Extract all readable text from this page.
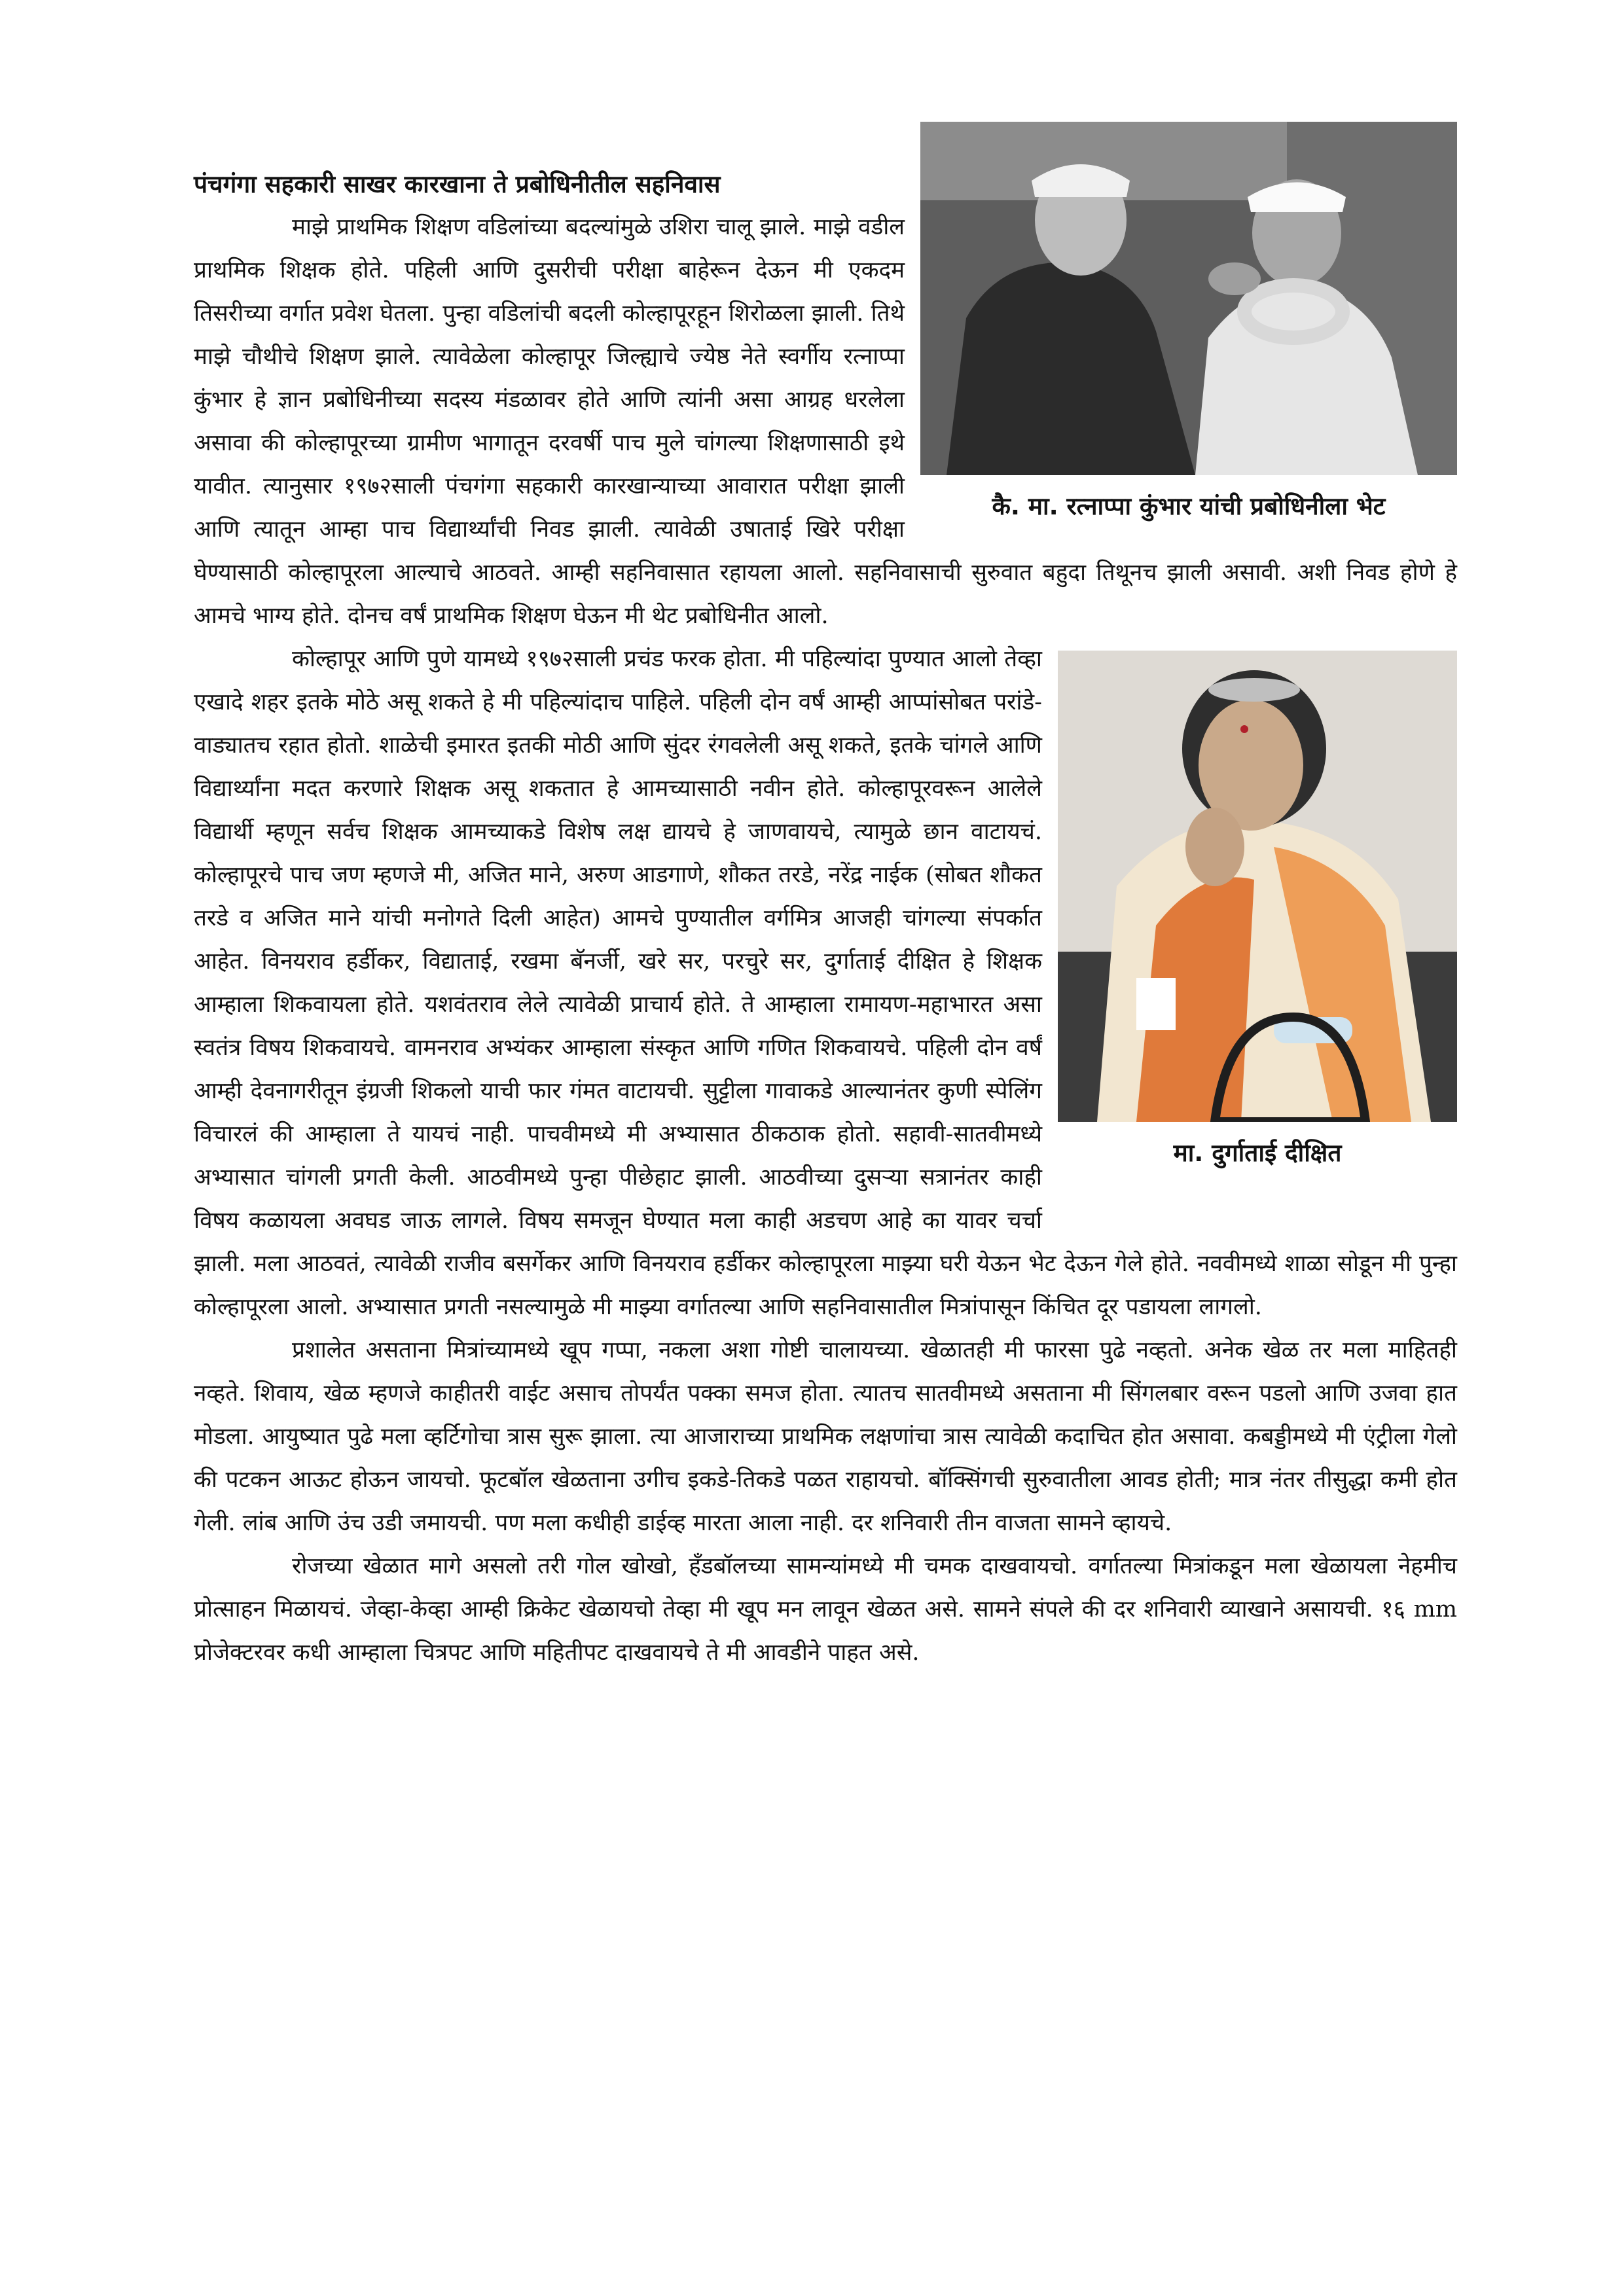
कै. मा. रत्नाप्पा कुंभार यांची प्रबोधिनीला भेट
पंचगंगा सहकारी साखर कारखाना ते प्रबोधिनीतील सहनिवास

माझे प्राथमिक शिक्षण वडिलांच्या बदल्यांमुळे उशिरा चालू झाले. माझे वडील प्राथमिक शिक्षक होते. पहिली आणि दुसरीची परीक्षा बाहेरून देऊन मी एकदम तिसरीच्या वर्गात प्रवेश घेतला. पुन्हा वडिलांची बदली कोल्हापूरहून शिरोळला झाली. तिथे माझे चौथीचे शिक्षण झाले. त्यावेळेला कोल्हापूर जिल्ह्याचे ज्येष्ठ नेते स्वर्गीय रत्नाप्पा कुंभार हे ज्ञान प्रबोधिनीच्या सदस्य मंडळावर होते आणि त्यांनी असा आग्रह धरलेला असावा की कोल्हापूरच्या ग्रामीण भागातून दरवर्षी पाच मुले चांगल्या शिक्षणासाठी इथे यावीत. त्यानुसार १९७२साली पंचगंगा सहकारी कारखान्याच्या आवारात परीक्षा झाली आणि त्यातून आम्हा पाच विद्यार्थ्यांची निवड झाली. त्यावेळी उषाताई खिरे परीक्षा घेण्यासाठी कोल्हापूरला आल्याचे आठवते. आम्ही सहनिवासात रहायला आलो. सहनिवासाची सुरुवात बहुदा तिथूनच झाली असावी. अशी निवड होणे हे आमचे भाग्य होते. दोनच वर्षं प्राथमिक शिक्षण घेऊन मी थेट प्रबोधिनीत आलो.

मा. दुर्गाताई दीक्षित

कोल्हापूर आणि पुणे यामध्ये १९७२साली प्रचंड फरक होता. मी पहिल्यांदा पुण्यात आलो तेव्हा एखादे शहर इतके मोठे असू शकते हे मी पहिल्यांदाच पाहिले. पहिली दोन वर्षं आम्ही आप्पांसोबत परांडे-वाड्यातच रहात होतो. शाळेची इमारत इतकी मोठी आणि सुंदर रंगवलेली असू शकते, इतके चांगले आणि विद्यार्थ्यांना मदत करणारे शिक्षक असू शकतात हे आमच्यासाठी नवीन होते. कोल्हापूरवरून आलेले विद्यार्थी म्हणून सर्वच शिक्षक आमच्याकडे विशेष लक्ष द्यायचे हे जाणवायचे, त्यामुळे छान वाटायचं. कोल्हापूरचे पाच जण म्हणजे मी, अजित माने, अरुण आडगाणे, शौकत तरडे, नरेंद्र नाईक (सोबत शौकत तरडे व अजित माने यांची मनोगते दिली आहेत) आमचे पुण्यातील वर्गमित्र आजही चांगल्या संपर्कात आहेत. विनयराव हर्डीकर, विद्याताई, रखमा बॅनर्जी, खरे सर, परचुरे सर, दुर्गाताई दीक्षित हे शिक्षक आम्हाला शिकवायला होते. यशवंतराव लेले त्यावेळी प्राचार्य होते. ते आम्हाला रामायण-महाभारत असा स्वतंत्र विषय शिकवायचे. वामनराव अभ्यंकर आम्हाला संस्कृत आणि गणित शिकवायचे. पहिली दोन वर्षं आम्ही देवनागरीतून इंग्रजी शिकलो याची फार गंमत वाटायची. सुट्टीला गावाकडे आल्यानंतर कुणी स्पेलिंग विचारलं की आम्हाला ते यायचं नाही. पाचवीमध्ये मी अभ्यासात ठीकठाक होतो. सहावी-सातवीमध्ये अभ्यासात चांगली प्रगती केली. आठवीमध्ये पुन्हा पीछेहाट झाली. आठवीच्या दुसऱ्या सत्रानंतर काही विषय कळायला अवघड जाऊ लागले. विषय समजून घेण्यात मला काही अडचण आहे का यावर चर्चा झाली. मला आठवतं, त्यावेळी राजीव बसर्गेकर आणि विनयराव हर्डीकर कोल्हापूरला माझ्या घरी येऊन भेट देऊन गेले होते. नववीमध्ये शाळा सोडून मी पुन्हा कोल्हापूरला आलो. अभ्यासात प्रगती नसल्यामुळे मी माझ्या वर्गातल्या आणि सहनिवासातील मित्रांपासून किंचित दूर पडायला लागलो.

प्रशालेत असताना मित्रांच्यामध्ये खूप गप्पा, नकला अशा गोष्टी चालायच्या. खेळातही मी फारसा पुढे नव्हतो. अनेक खेळ तर मला माहितही नव्हते. शिवाय, खेळ म्हणजे काहीतरी वाईट असाच तोपर्यंत पक्का समज होता. त्यातच सातवीमध्ये असताना मी सिंगलबार वरून पडलो आणि उजवा हात मोडला. आयुष्यात पुढे मला व्हर्टिगोचा त्रास सुरू झाला. त्या आजाराच्या प्राथमिक लक्षणांचा त्रास त्यावेळी कदाचित होत असावा. कबड्डीमध्ये मी एंट्रीला गेलो की पटकन आऊट होऊन जायचो. फूटबॉल खेळताना उगीच इकडे-तिकडे पळत राहायचो. बॉक्सिंगची सुरुवातीला आवड होती; मात्र नंतर तीसुद्धा कमी होत गेली. लांब आणि उंच उडी जमायची. पण मला कधीही डाईव्ह मारता आला नाही. दर शनिवारी तीन वाजता सामने व्हायचे.

रोजच्या खेळात मागे असलो तरी गोल खोखो, हँडबॉलच्या सामन्यांमध्ये मी चमक दाखवायचो. वर्गातल्या मित्रांकडून मला खेळायला नेहमीच प्रोत्साहन मिळायचं. जेव्हा-केव्हा आम्ही क्रिकेट खेळायचो तेव्हा मी खूप मन लावून खेळत असे. सामने संपले की दर शनिवारी व्याखाने असायची. १६ mm प्रोजेक्टरवर कधी आम्हाला चित्रपट आणि महितीपट दाखवायचे ते मी आवडीने पाहत असे.
